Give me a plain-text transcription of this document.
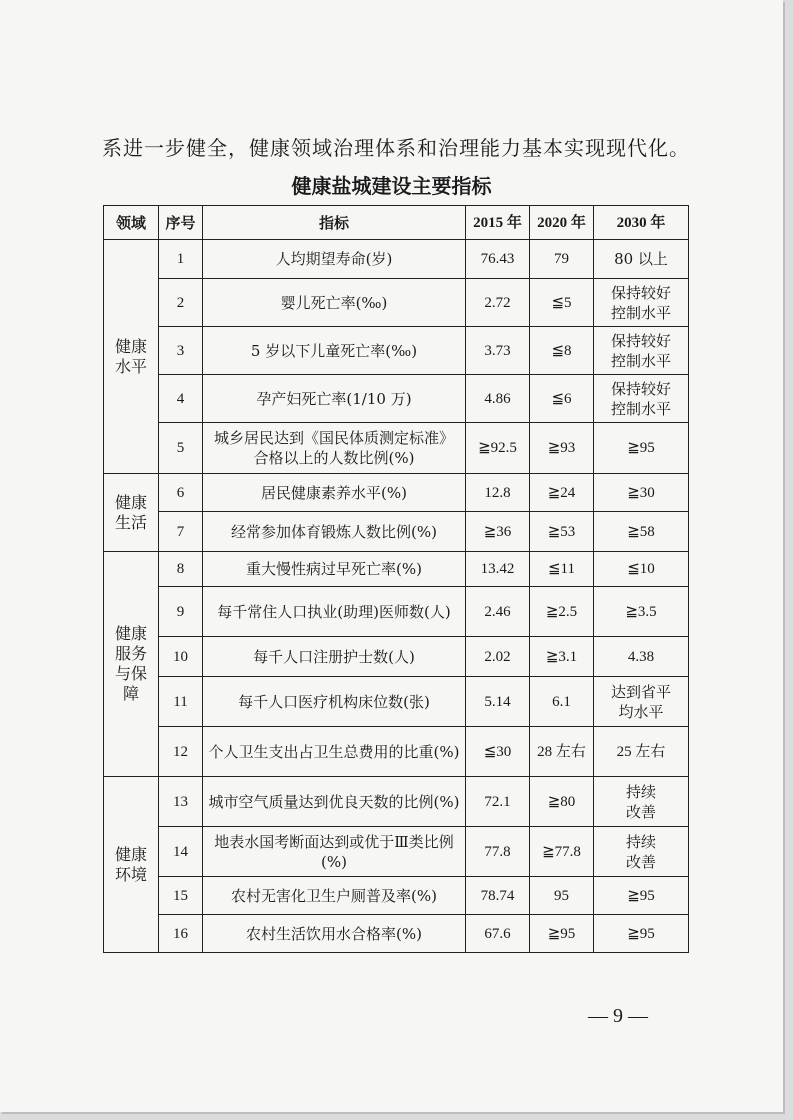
系进一步健全，健康领域治理体系和治理能力基本实现现代化。
健康盐城建设主要指标
领域	序号	指标	2015 年	2020 年	2030 年
健康水平	1	人均期望寿命(岁)	76.43	79	80 以上
	2	婴儿死亡率(‰)	2.72	≦5	保持较好控制水平
	3	5 岁以下儿童死亡率(‰)	3.73	≦8	保持较好控制水平
	4	孕产妇死亡率(1/10 万)	4.86	≦6	保持较好控制水平
	5	城乡居民达到《国民体质测定标准》合格以上的人数比例(%)	≧92.5	≧93	≧95
健康生活	6	居民健康素养水平(%)	12.8	≧24	≧30
	7	经常参加体育锻炼人数比例(%)	≧36	≧53	≧58
健康服务与保障	8	重大慢性病过早死亡率(%)	13.42	≦11	≦10
	9	每千常住人口执业(助理)医师数(人)	2.46	≧2.5	≧3.5
	10	每千人口注册护士数(人)	2.02	≧3.1	4.38
	11	每千人口医疗机构床位数(张)	5.14	6.1	达到省平均水平
	12	个人卫生支出占卫生总费用的比重(%)	≦30	28 左右	25 左右
健康环境	13	城市空气质量达到优良天数的比例(%)	72.1	≧80	持续改善
	14	地表水国考断面达到或优于Ⅲ类比例(%)	77.8	≧77.8	持续改善
	15	农村无害化卫生户厕普及率(%)	78.74	95	≧95
	16	农村生活饮用水合格率(%)	67.6	≧95	≧95
— 9 —
